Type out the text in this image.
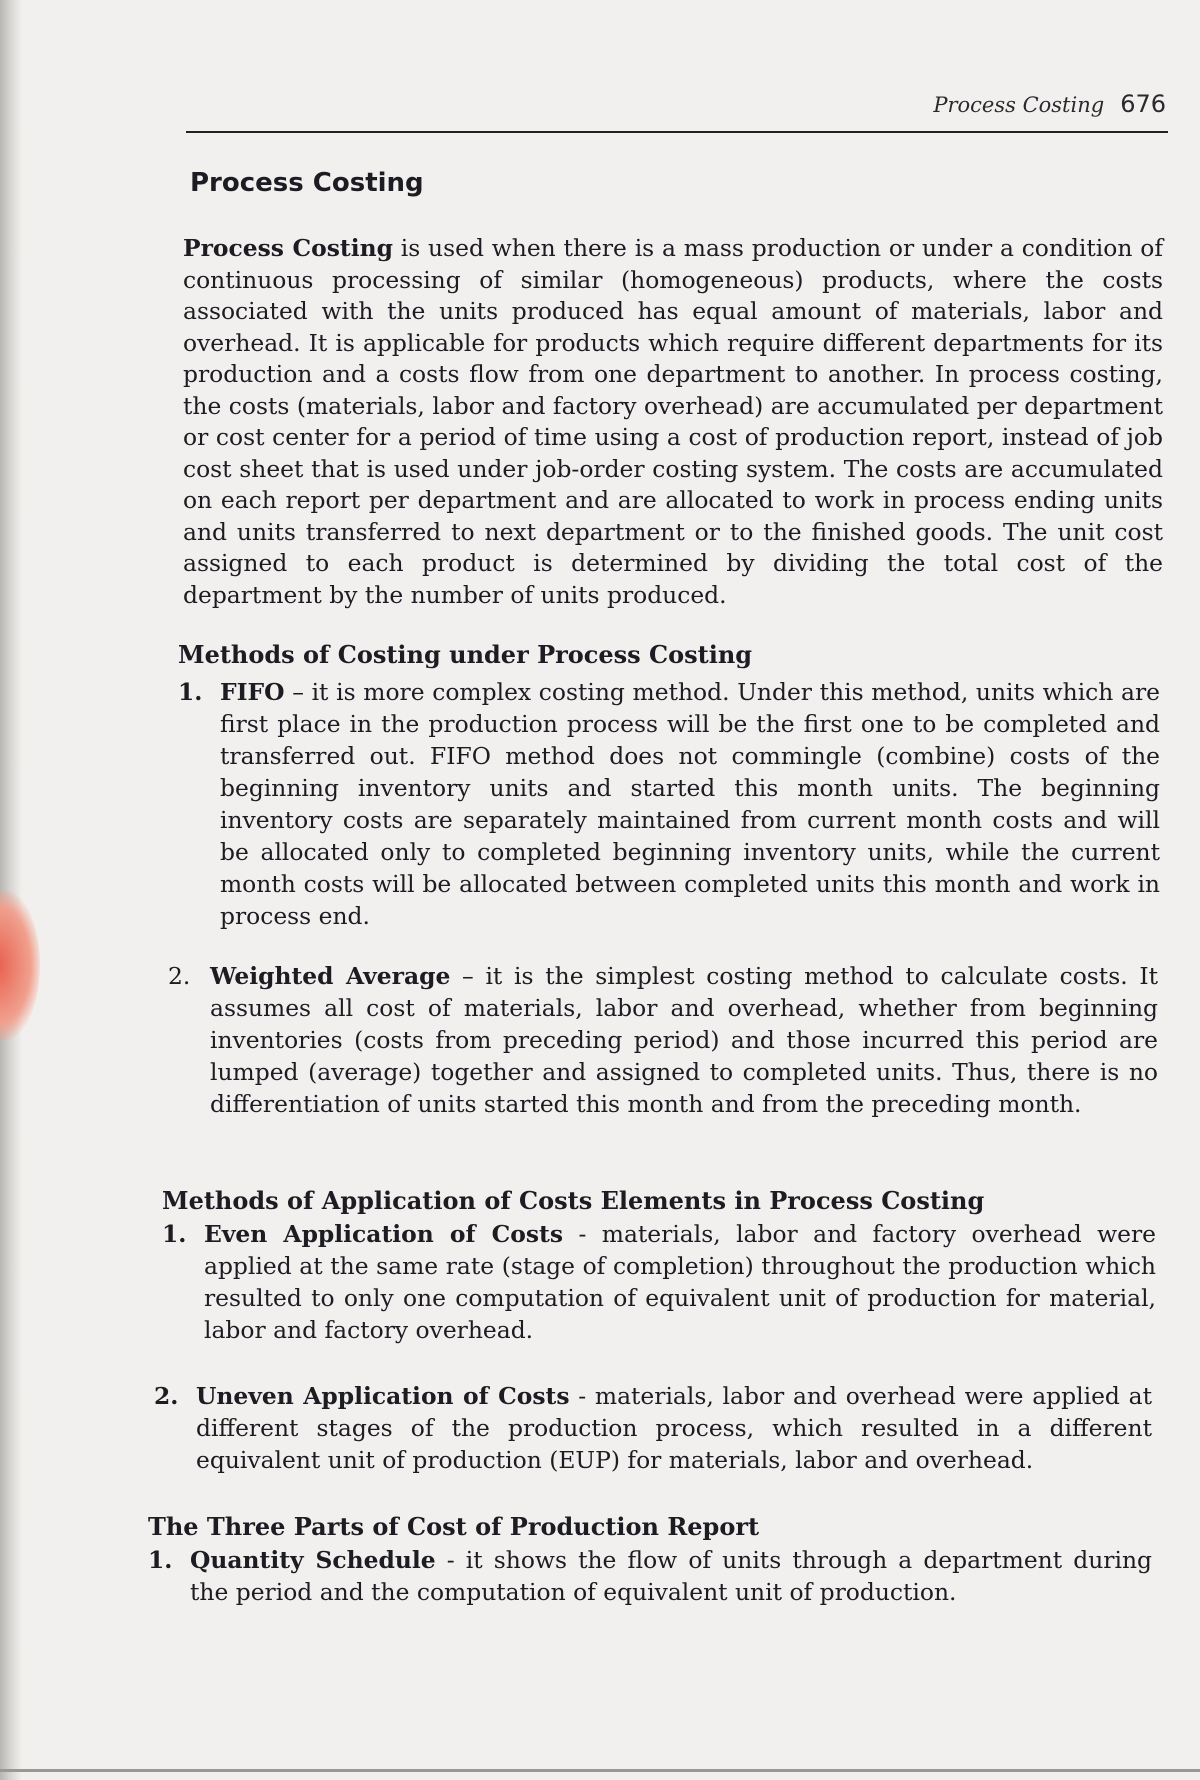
Process Costing 676
Process Costing

Process Costing is used when there is a mass production or under a condition of continuous processing of similar (homogeneous) products, where the costs associated with the units produced has equal amount of materials, labor and overhead. It is applicable for products which require different departments for its production and a costs flow from one department to another. In process costing, the costs (materials, labor and factory overhead) are accumulated per department or cost center for a period of time using a cost of production report, instead of job cost sheet that is used under job-order costing system. The costs are accumulated on each report per department and are allocated to work in process ending units and units transferred to next department or to the finished goods. The unit cost assigned to each product is determined by dividing the total cost of the department by the number of units produced.

Methods of Costing under Process Costing
1. FIFO – it is more complex costing method. Under this method, units which are first place in the production process will be the first one to be completed and transferred out. FIFO method does not commingle (combine) costs of the beginning inventory units and started this month units. The beginning inventory costs are separately maintained from current month costs and will be allocated only to completed beginning inventory units, while the current month costs will be allocated between completed units this month and work in process end.

2. Weighted Average – it is the simplest costing method to calculate costs. It assumes all cost of materials, labor and overhead, whether from beginning inventories (costs from preceding period) and those incurred this period are lumped (average) together and assigned to completed units. Thus, there is no differentiation of units started this month and from the preceding month.

Methods of Application of Costs Elements in Process Costing
1. Even Application of Costs - materials, labor and factory overhead were applied at the same rate (stage of completion) throughout the production which resulted to only one computation of equivalent unit of production for material, labor and factory overhead.

2. Uneven Application of Costs - materials, labor and overhead were applied at different stages of the production process, which resulted in a different equivalent unit of production (EUP) for materials, labor and overhead.

The Three Parts of Cost of Production Report
1. Quantity Schedule - it shows the flow of units through a department during the period and the computation of equivalent unit of production.
